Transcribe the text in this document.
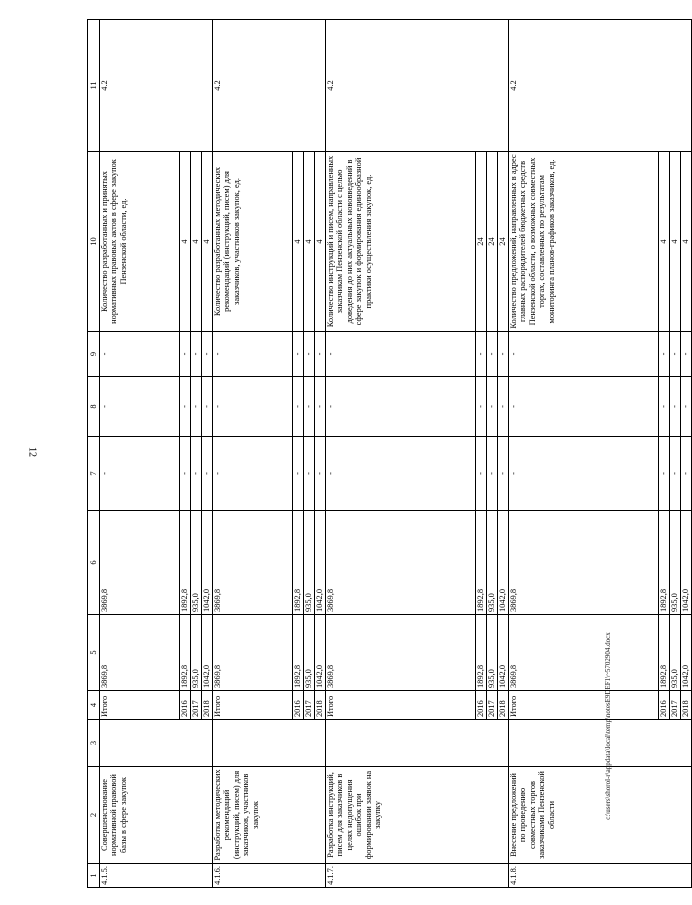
12
c:\users\shorol-r\appdata\local\temp\notesE9DEF1\~5702904.docx
1	2	3	4	5	6	7	8	9	10	11
4.1.5.	Совершенствование нормативной правовой базы в сфере закупок		Итого	3869,8	3869,8	-	-	-	Количество разработанных и принятых нормативных правовых актов в сфере закупок Пензенской области, ед.	4.2
			2016	1892,8	1892,8	-	-	-	4	
			2017	935,0	935,0	-	-	-	4	
			2018	1042,0	1042,0	-	-	-	4	
4.1.6.	Разработка методических рекомендаций (инструкций, писем) для заказчиков, участников закупок		Итого	3869,8	3869,8	-	-	-	Количество разработанных методических рекомендаций (инструкций, писем) для заказчиков, участников закупок, ед.	4.2
			2016	1892,8	1892,8	-	-	-	4	
			2017	935,0	935,0	-	-	-	4	
			2018	1042,0	1042,0	-	-	-	4	
4.1.7.	Разработка инструкций, писем для заказчиков в целях недопущения ошибок при формировании заявок на закупку		Итого	3869,8	3869,8	-	-	-	Количество инструкций и писем, направленных заказчикам Пензенской области с целью доведения до них актуальных нововведений в сфере закупок и формирования единообразной практики осуществления закупок, ед.	4.2
			2016	1892,8	1892,8	-	-	-	24	
			2017	935,0	935,0	-	-	-	24	
			2018	1042,0	1042,0	-	-	-	24	
4.1.8.	Внесение предложений по проведению совместных торгов заказчиками Пензенской области		Итого	3869,8	3869,8	-	-	-	Количество предложений, направленных в адрес главных распорядителей бюджетных средств Пензенской области, о возможных совместных торгах, составленных по результатам мониторинга планов-графиков заказчиков, ед.	4.2
			2016	1892,8	1892,8	-	-	-	4	
			2017	935,0	935,0	-	-	-	4	
			2018	1042,0	1042,0	-	-	-	4	
